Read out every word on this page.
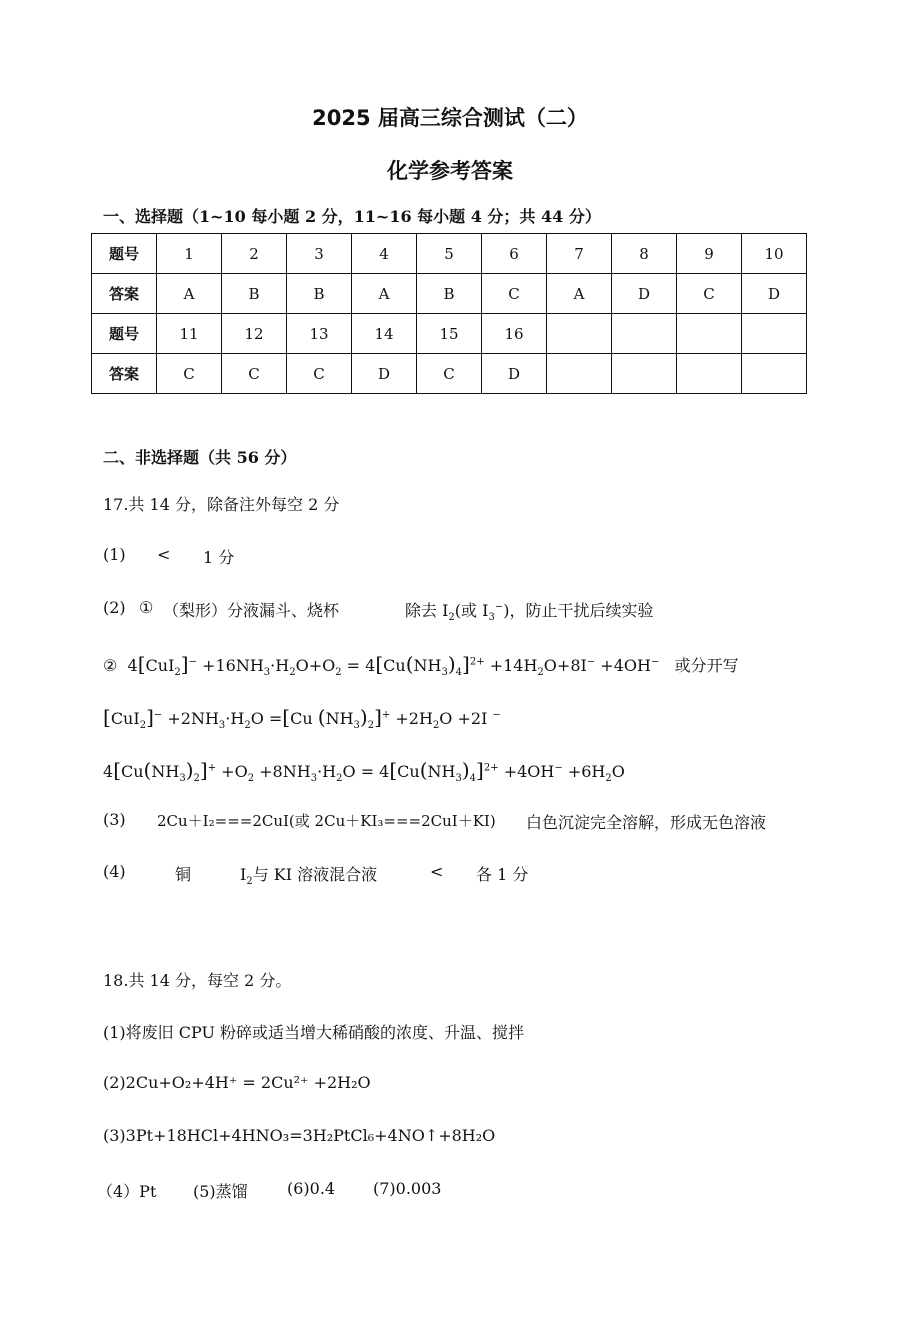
2025 届高三综合测试（二）
化学参考答案
一、选择题（1~10 每小题 2 分，11~16 每小题 4 分；共 44 分）
题号	1	2	3	4	5	6	7	8	9	10
答案	A	B	B	A	B	C	A	D	C	D
题号	11	12	13	14	15	16				
答案	C	C	C	D	C	D				
二、非选择题（共 56 分）
17.共 14 分，除备注外每空 2 分
(1) < 1 分
(2) ① （梨形）分液漏斗、烧杯	除去 $I_2$(或 $I_3^-$)，防止干扰后续实验
②  $4[CuI_2]^- +16NH_3\cdot H_2O+O_2 = 4[Cu(NH_3)_4]^{2+} +14H_2O+8I^- +4OH^-$ 或分开写
$[CuI_2]^- +2NH_3\cdot H_2O =[Cu$ $(NH_3)_2]^+ +2H_2O +2I$ −
$4[Cu(NH_3)_2]^+ +O_2 +8NH_3\cdot H_2O = 4[Cu(NH_3)_4]^{2+} +4OH^- +6H_2O$
(3) 2Cu＋I₂===2CuI(或 2Cu＋KI₃===2CuI＋KI) 白色沉淀完全溶解，形成无色溶液
(4)	铜	$I_2$与 KI 溶液混合液	< 各 1 分
18.共 14 分，每空 2 分。
(1)将废旧 CPU 粉碎或适当增大稀硝酸的浓度、升温、搅拌
(2)2Cu+O₂+4H⁺ = 2Cu²⁺ +2H₂O
(3)3Pt+18HCl+4HNO₃=3H₂PtCl₆+4NO↑+8H₂O
（4）Pt (5)蒸馏 (6)0.4 (7)0.003
